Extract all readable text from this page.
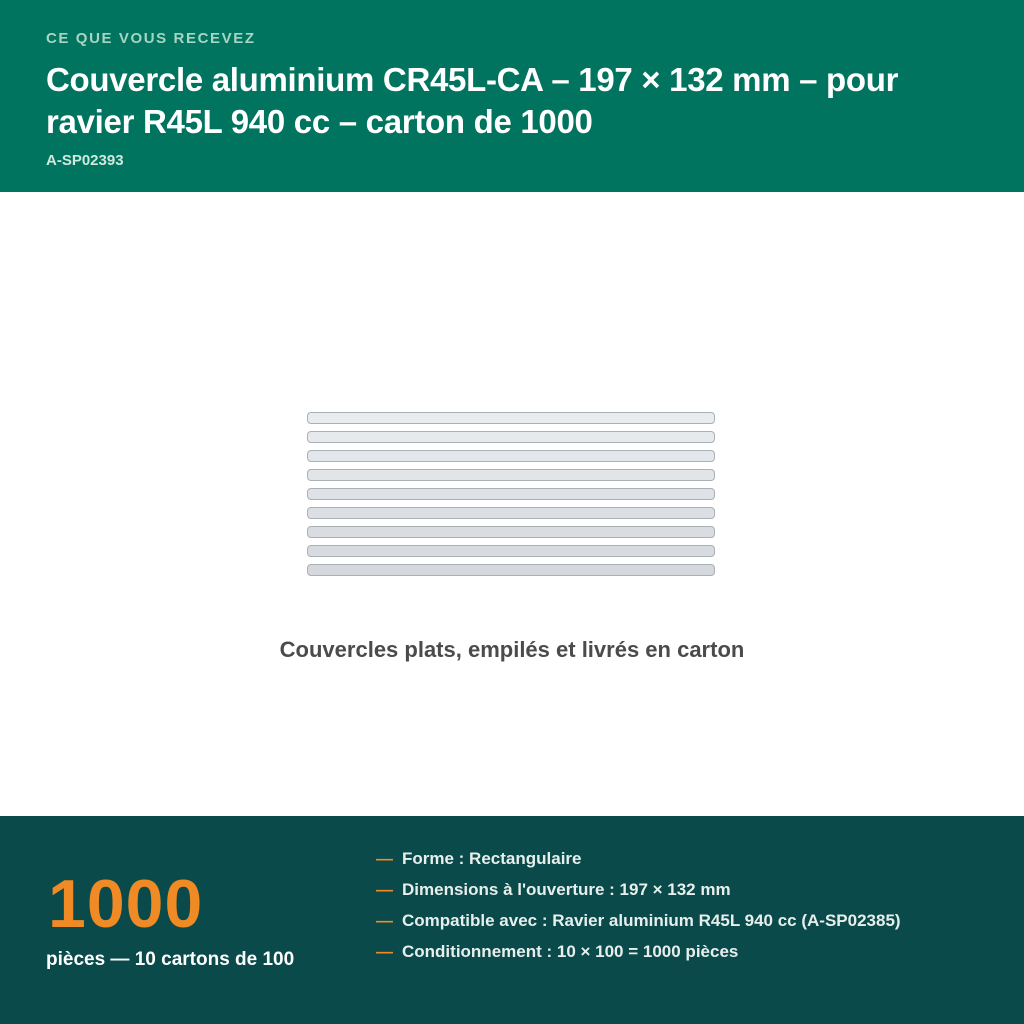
CE QUE VOUS RECEVEZ
Couvercle aluminium CR45L-CA – 197 × 132 mm – pour ravier R45L 940 cc – carton de 1000
A-SP02393
Couvercles plats, empilés et livrés en carton
1000
pièces — 10 cartons de 100
— Forme : Rectangulaire
— Dimensions à l'ouverture : 197 × 132 mm
— Compatible avec : Ravier aluminium R45L 940 cc (A-SP02385)
— Conditionnement : 10 × 100 = 1000 pièces
